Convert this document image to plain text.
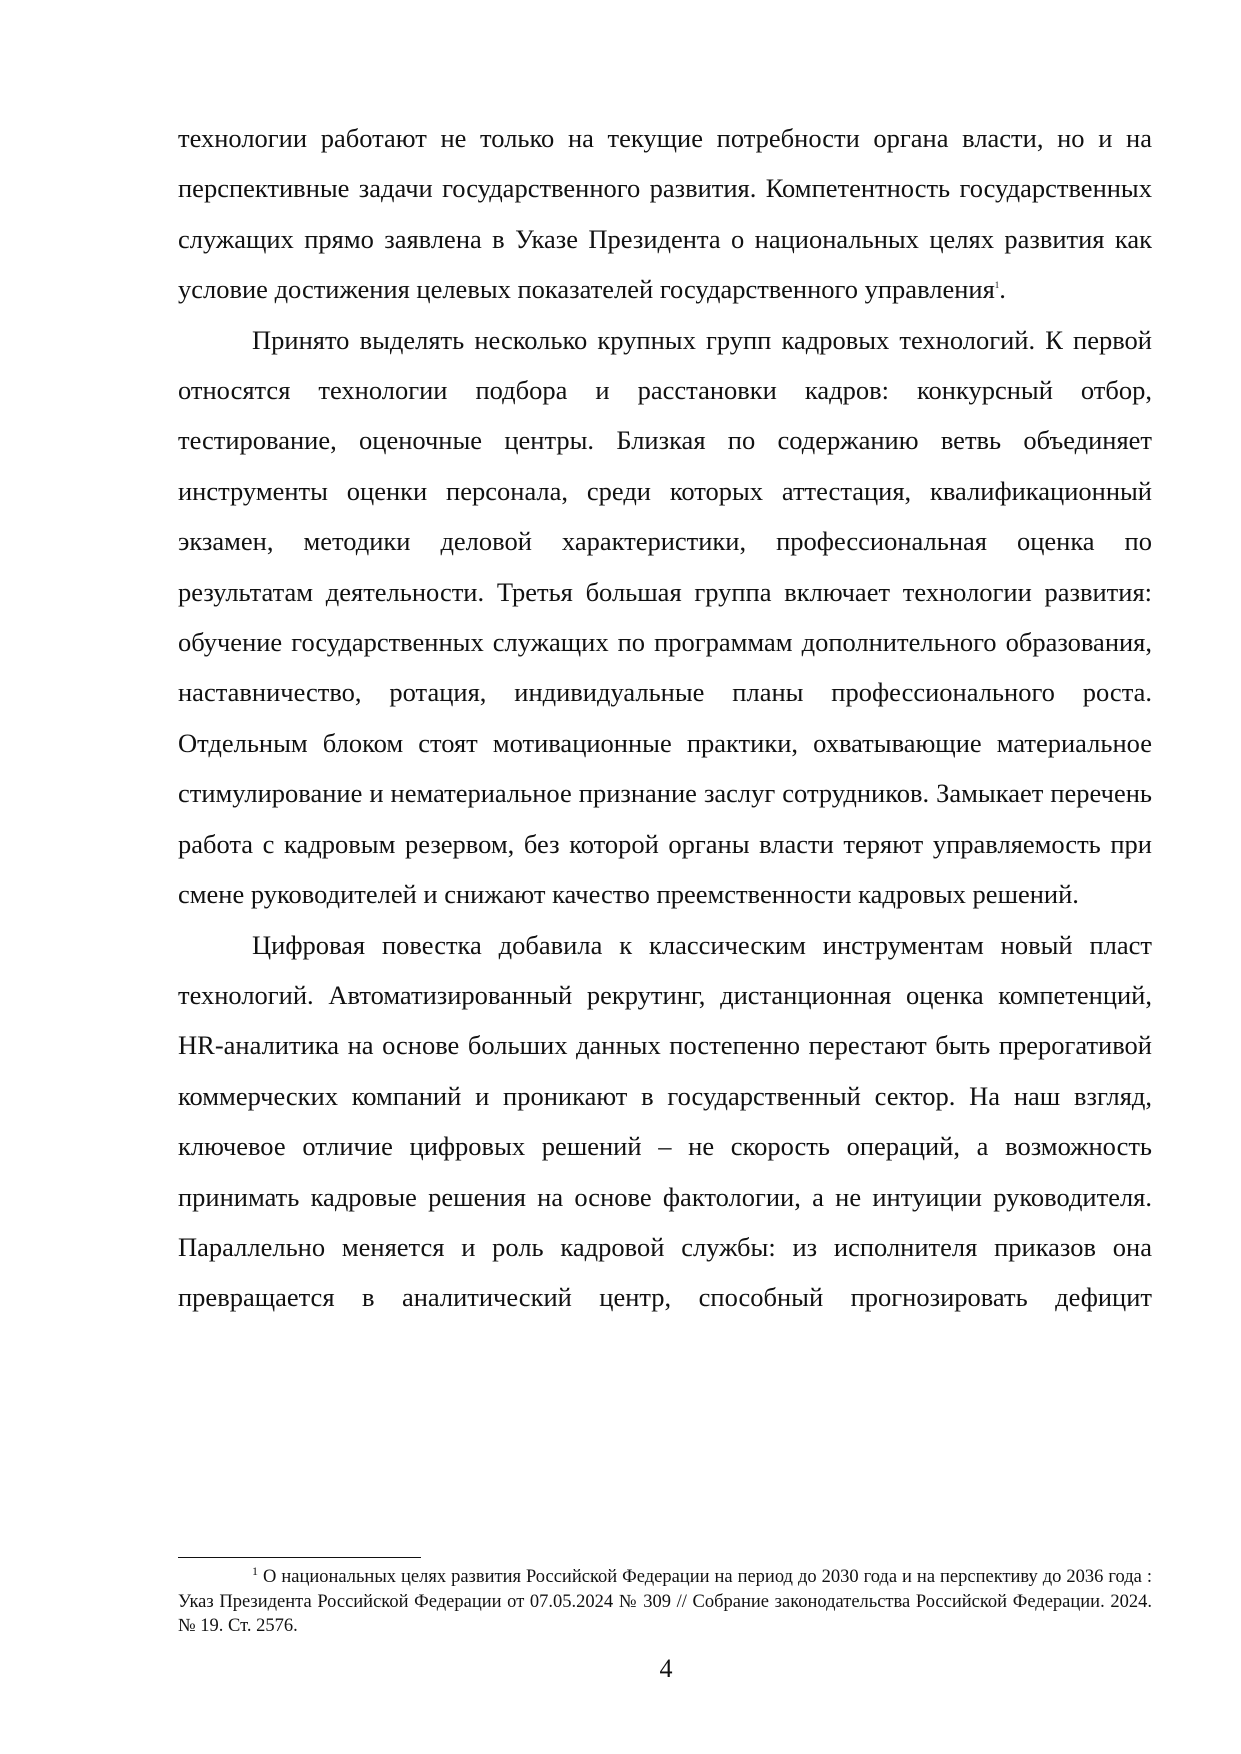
технологии работают не только на текущие потребности органа власти, но и на перспективные задачи государственного развития. Компетентность государственных служащих прямо заявлена в Указе Президента о национальных целях развития как условие достижения целевых показателей государственного управления$^1$.

Принято выделять несколько крупных групп кадровых технологий. К первой относятся технологии подбора и расстановки кадров: конкурсный отбор, тестирование, оценочные центры. Близкая по содержанию ветвь объединяет инструменты оценки персонала, среди которых аттестация, квалификационный экзамен, методики деловой характеристики, профессиональная оценка по результатам деятельности. Третья большая группа включает технологии развития: обучение государственных служащих по программам дополнительного образования, наставничество, ротация, индивидуальные планы профессионального роста. Отдельным блоком стоят мотивационные практики, охватывающие материальное стимулирование и нематериальное признание заслуг сотрудников. Замыкает перечень работа с кадровым резервом, без которой органы власти теряют управляемость при смене руководителей и снижают качество преемственности кадровых решений.

Цифровая повестка добавила к классическим инструментам новый пласт технологий. Автоматизированный рекрутинг, дистанционная оценка компетенций, HR-аналитика на основе больших данных постепенно перестают быть прерогативой коммерческих компаний и проникают в государственный сектор. На наш взгляд, ключевое отличие цифровых решений – не скорость операций, а возможность принимать кадровые решения на основе фактологии, а не интуиции руководителя. Параллельно меняется и роль кадровой службы: из исполнителя приказов она превращается в аналитический центр, способный прогнозировать дефицит

$^1$ О национальных целях развития Российской Федерации на период до 2030 года и на перспективу до 2036 года : Указ Президента Российской Федерации от 07.05.2024 № 309 // Собрание законодательства Российской Федерации. 2024. № 19. Ст. 2576.

4
